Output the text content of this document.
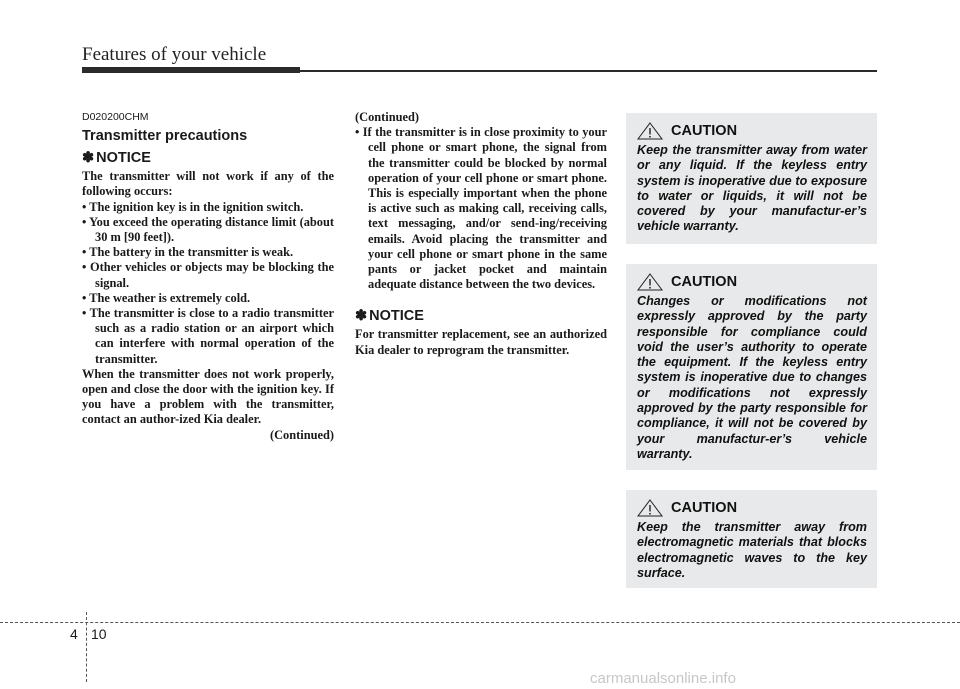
Features of your vehicle
D020200CHM
Transmitter precautions
✽ NOTICE

The transmitter will not work if any of the following occurs:

• The ignition key is in the ignition switch.

• You exceed the operating distance limit (about 30 m [90 feet]).

• The battery in the transmitter is weak.

• Other vehicles or objects may be blocking the signal.

• The weather is extremely cold.

• The transmitter is close to a radio transmitter such as a radio station or an airport which can interfere with normal operation of the transmitter.

When the transmitter does not work properly, open and close the door with the ignition key. If you have a problem with the transmitter, contact an author-ized Kia dealer.

(Continued)

(Continued)

• If the transmitter is in close proximity to your cell phone or smart phone, the signal from the transmitter could be blocked by normal operation of your cell phone or smart phone. This is especially important when the phone is active such as making call, receiving calls, text messaging, and/or send-ing/receiving emails. Avoid placing the transmitter and your cell phone or smart phone in the same pants or jacket pocket and maintain adequate distance between the two devices.

✽ NOTICE

For transmitter replacement, see an authorized Kia dealer to reprogram the transmitter.

CAUTION
Keep the transmitter away from water or any liquid. If the keyless entry system is inoperative due to exposure to water or liquids, it will not be covered by your manufactur-er’s vehicle warranty.
CAUTION
Changes or modifications not expressly approved by the party responsible for compliance could void the user’s authority to operate the equipment. If the keyless entry system is inoperative due to changes or modifications not expressly approved by the party responsible for compliance, it will not be covered by your manufactur-er’s vehicle warranty.
CAUTION
Keep the transmitter away from electromagnetic materials that blocks electromagnetic waves to the key surface.
4 10
carmanualsonline.info
